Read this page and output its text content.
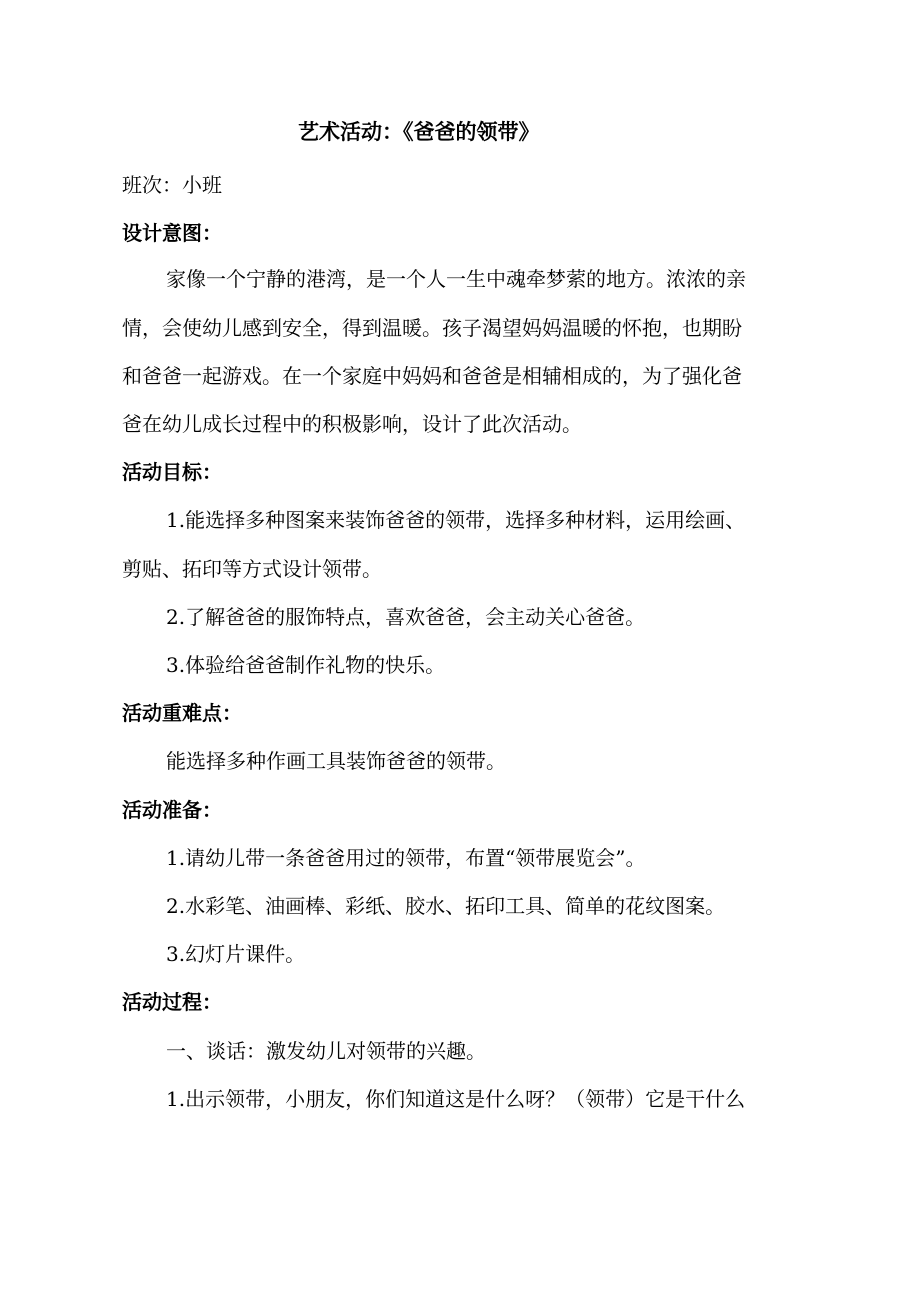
艺术活动：《爸爸的领带》
班次：小班
设计意图：
家像一个宁静的港湾，是一个人一生中魂牵梦萦的地方。浓浓的亲
情，会使幼儿感到安全，得到温暖。孩子渴望妈妈温暖的怀抱，也期盼
和爸爸一起游戏。在一个家庭中妈妈和爸爸是相辅相成的，为了强化爸
爸在幼儿成长过程中的积极影响，设计了此次活动。
活动目标：
1.能选择多种图案来装饰爸爸的领带，选择多种材料，运用绘画、
剪贴、拓印等方式设计领带。
2.了解爸爸的服饰特点，喜欢爸爸，会主动关心爸爸。
3.体验给爸爸制作礼物的快乐。
活动重难点：
能选择多种作画工具装饰爸爸的领带。
活动准备：
1.请幼儿带一条爸爸用过的领带，布置“领带展览会”。
2.水彩笔、油画棒、彩纸、胶水、拓印工具、简单的花纹图案。
3.幻灯片课件。
活动过程：
一、谈话：激发幼儿对领带的兴趣。
1.出示领带，小朋友，你们知道这是什么呀？（领带）它是干什么
